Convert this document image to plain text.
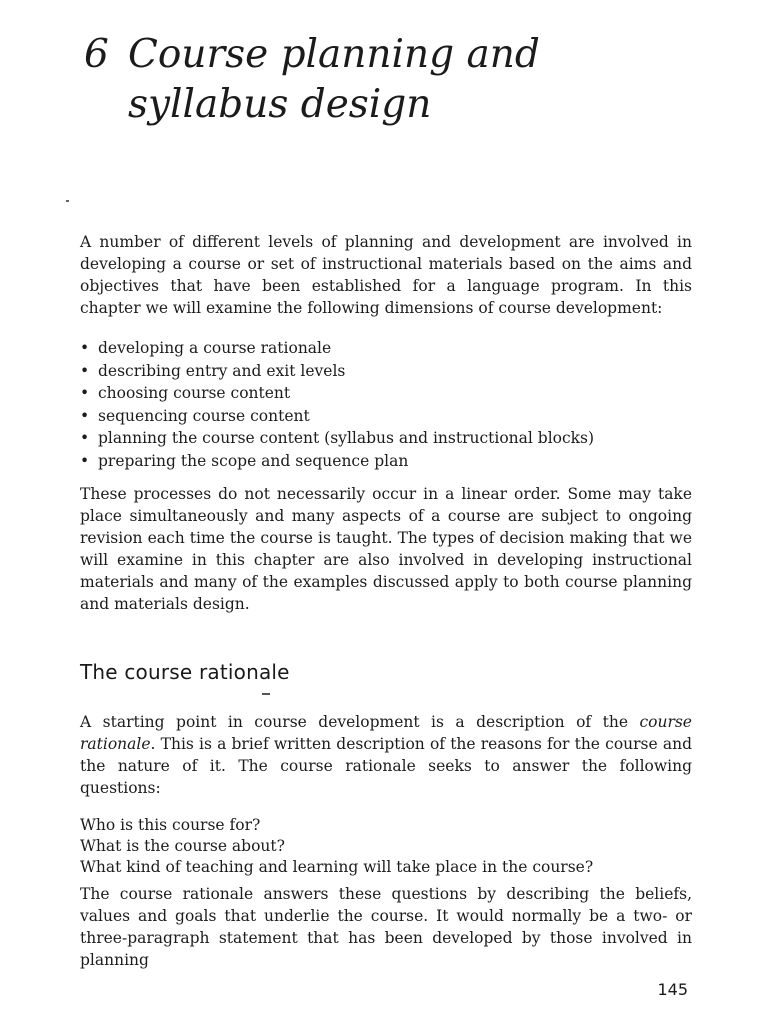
6 Course planning and
syllabus design

A number of different levels of planning and development are involved in developing a course or set of instructional materials based on the aims and objectives that have been established for a language program. In this chapter we will examine the following dimensions of course development:

• developing a course rationale
• describing entry and exit levels
• choosing course content
• sequencing course content
• planning the course content (syllabus and instructional blocks)
• preparing the scope and sequence plan

These processes do not necessarily occur in a linear order. Some may take place simultaneously and many aspects of a course are subject to ongoing revision each time the course is taught. The types of decision making that we will examine in this chapter are also involved in developing instructional materials and many of the examples discussed apply to both course planning and materials design.

The course rationale

A starting point in course development is a description of the course rationale. This is a brief written description of the reasons for the course and the nature of it. The course rationale seeks to answer the following questions:

Who is this course for?
What is the course about?
What kind of teaching and learning will take place in the course?

The course rationale answers these questions by describing the beliefs, values and goals that underlie the course. It would normally be a two- or three-paragraph statement that has been developed by those involved in planning

145
